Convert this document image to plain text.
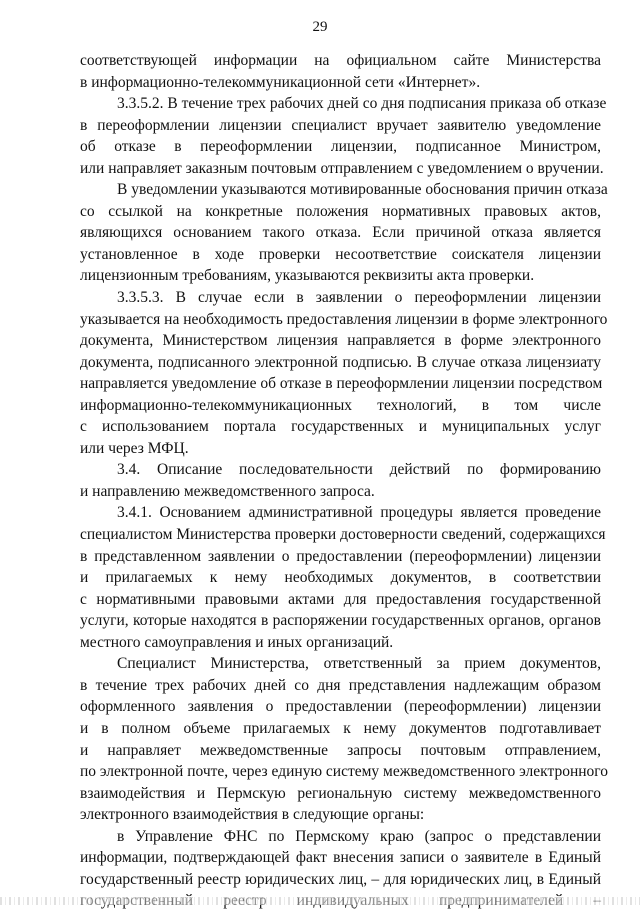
29
соответствующей информации на официальном сайте Министерства
в информационно-телекоммуникационной сети «Интернет».
3.3.5.2. В течение трех рабочих дней со дня подписания приказа об отказе
в переоформлении лицензии специалист вручает заявителю уведомление
об отказе в переоформлении лицензии, подписанное Министром,
или направляет заказным почтовым отправлением с уведомлением о вручении.
В уведомлении указываются мотивированные обоснования причин отказа
со ссылкой на конкретные положения нормативных правовых актов,
являющихся основанием такого отказа. Если причиной отказа является
установленное в ходе проверки несоответствие соискателя лицензии
лицензионным требованиям, указываются реквизиты акта проверки.
3.3.5.3. В случае если в заявлении о переоформлении лицензии
указывается на необходимость предоставления лицензии в форме электронного
документа, Министерством лицензия направляется в форме электронного
документа, подписанного электронной подписью. В случае отказа лицензиату
направляется уведомление об отказе в переоформлении лицензии посредством
информационно-телекоммуникационных технологий, в том числе
с использованием портала государственных и муниципальных услуг
или через МФЦ.
3.4. Описание последовательности действий по формированию
и направлению межведомственного запроса.
3.4.1. Основанием административной процедуры является проведение
специалистом Министерства проверки достоверности сведений, содержащихся
в представленном заявлении о предоставлении (переоформлении) лицензии
и прилагаемых к нему необходимых документов, в соответствии
с нормативными правовыми актами для предоставления государственной
услуги, которые находятся в распоряжении государственных органов, органов
местного самоуправления и иных организаций.
Специалист Министерства, ответственный за прием документов,
в течение трех рабочих дней со дня представления надлежащим образом
оформленного заявления о предоставлении (переоформлении) лицензии
и в полном объеме прилагаемых к нему документов подготавливает
и направляет межведомственные запросы почтовым отправлением,
по электронной почте, через единую систему межведомственного электронного
взаимодействия и Пермскую региональную систему межведомственного
электронного взаимодействия в следующие органы:
в Управление ФНС по Пермскому краю (запрос о представлении
информации, подтверждающей факт внесения записи о заявителе в Единый
государственный реестр юридических лиц, – для юридических лиц, в Единый
